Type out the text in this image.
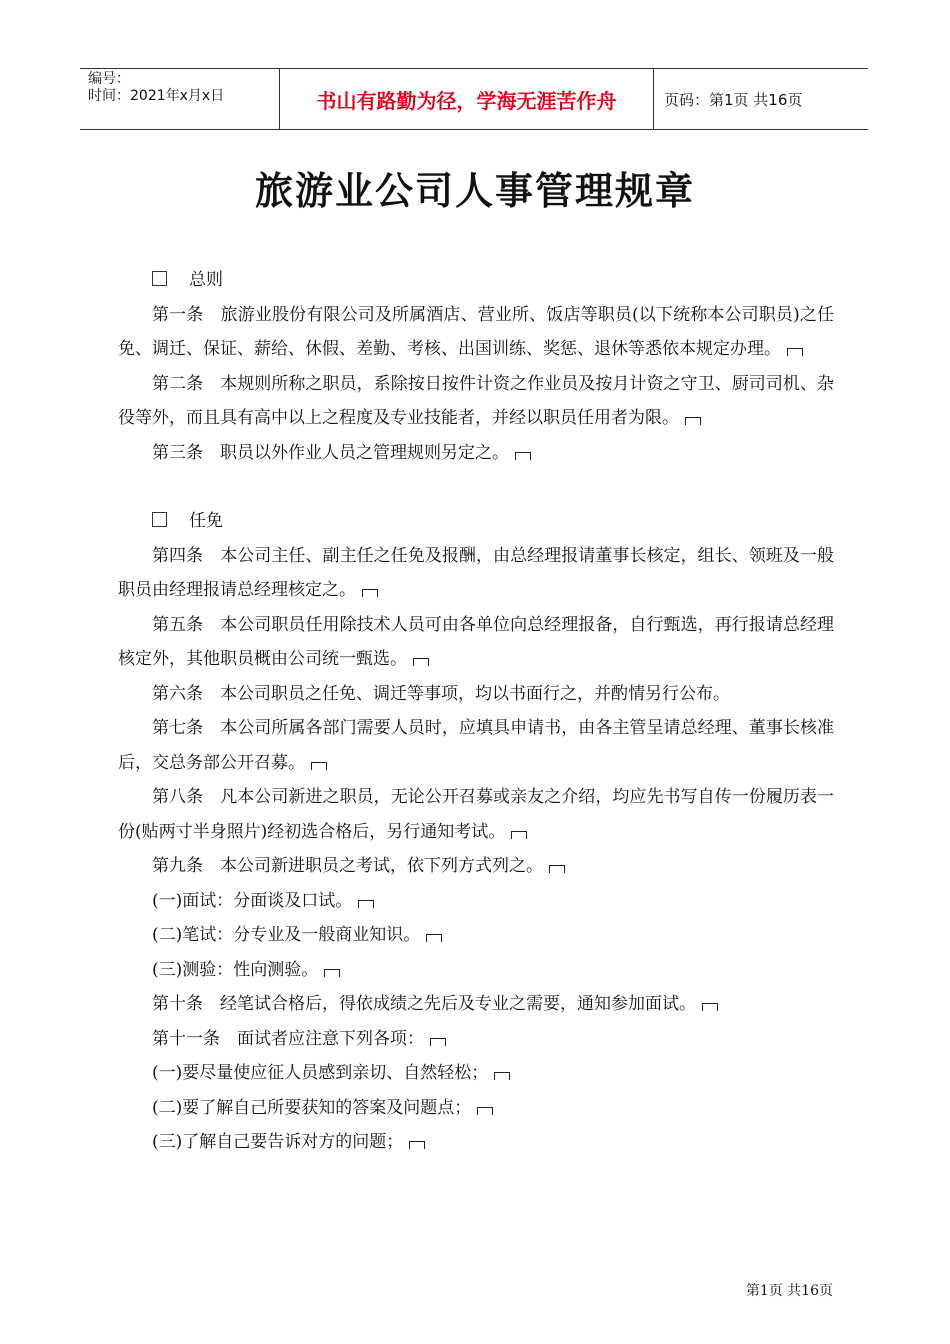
编号：
时间：2021年x月x日	书山有路勤为径，学海无涯苦作舟	页码：第1页 共16页
旅游业公司人事管理规章

总则

第一条　旅游业股份有限公司及所属酒店、营业所、饭店等职员(以下统称本公司职员)之任免、调迁、保证、薪给、休假、差勤、考核、出国训练、奖惩、退休等悉依本规定办理。

第二条　本规则所称之职员，系除按日按件计资之作业员及按月计资之守卫、厨司司机、杂役等外，而且具有高中以上之程度及专业技能者，并经以职员任用者为限。

第三条　职员以外作业人员之管理规则另定之。

任免

第四条　本公司主任、副主任之任免及报酬，由总经理报请董事长核定，组长、领班及一般职员由经理报请总经理核定之。

第五条　本公司职员任用除技术人员可由各单位向总经理报备，自行甄选，再行报请总经理核定外，其他职员概由公司统一甄选。

第六条　本公司职员之任免、调迁等事项，均以书面行之，并酌情另行公布。

第七条　本公司所属各部门需要人员时，应填具申请书，由各主管呈请总经理、董事长核准后，交总务部公开召募。

第八条　凡本公司新进之职员，无论公开召募或亲友之介绍，均应先书写自传一份履历表一份(贴两寸半身照片)经初选合格后，另行通知考试。

第九条　本公司新进职员之考试，依下列方式列之。

(一)面试：分面谈及口试。

(二)笔试：分专业及一般商业知识。

(三)测验：性向测验。

第十条　经笔试合格后，得依成绩之先后及专业之需要，通知参加面试。

第十一条　面试者应注意下列各项：

(一)要尽量使应征人员感到亲切、自然轻松；

(二)要了解自己所要获知的答案及问题点；

(三)了解自己要告诉对方的问题；

第1页 共16页
